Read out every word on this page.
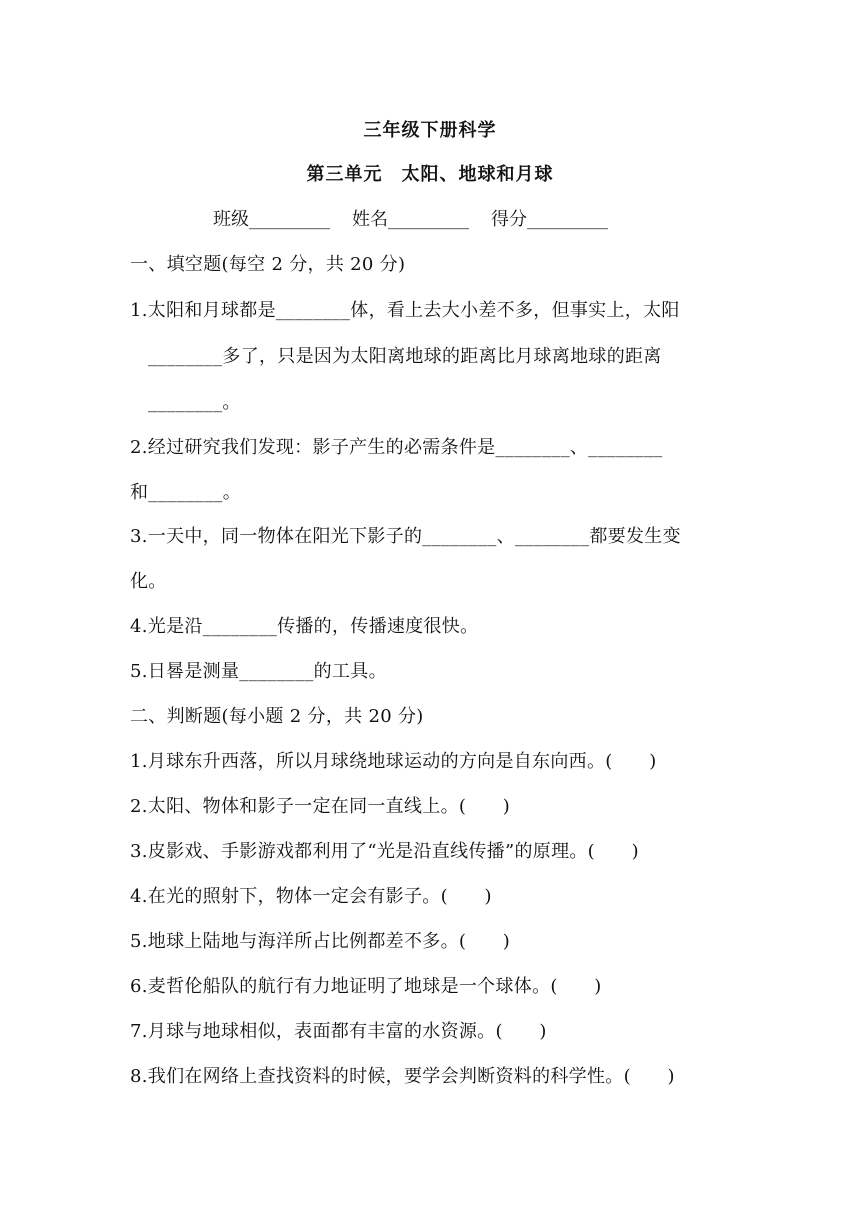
三年级下册科学
第三单元　太阳、地球和月球
班级_________ 姓名_________ 得分_________
一、填空题(每空 2 分，共 20 分)
1.太阳和月球都是________体，看上去大小差不多，但事实上，太阳
________多了，只是因为太阳离地球的距离比月球离地球的距离
________。
2.经过研究我们发现：影子产生的必需条件是________、________
和________。
3.一天中，同一物体在阳光下影子的________、________都要发生变
化。
4.光是沿________传播的，传播速度很快。
5.日晷是测量________的工具。
二、判断题(每小题 2 分，共 20 分)
1.月球东升西落，所以月球绕地球运动的方向是自东向西。(　　)
2.太阳、物体和影子一定在同一直线上。(　　)
3.皮影戏、手影游戏都利用了“光是沿直线传播”的原理。(　　)
4.在光的照射下，物体一定会有影子。(　　)
5.地球上陆地与海洋所占比例都差不多。(　　)
6.麦哲伦船队的航行有力地证明了地球是一个球体。(　　)
7.月球与地球相似，表面都有丰富的水资源。(　　)
8.我们在网络上查找资料的时候，要学会判断资料的科学性。(　　)
